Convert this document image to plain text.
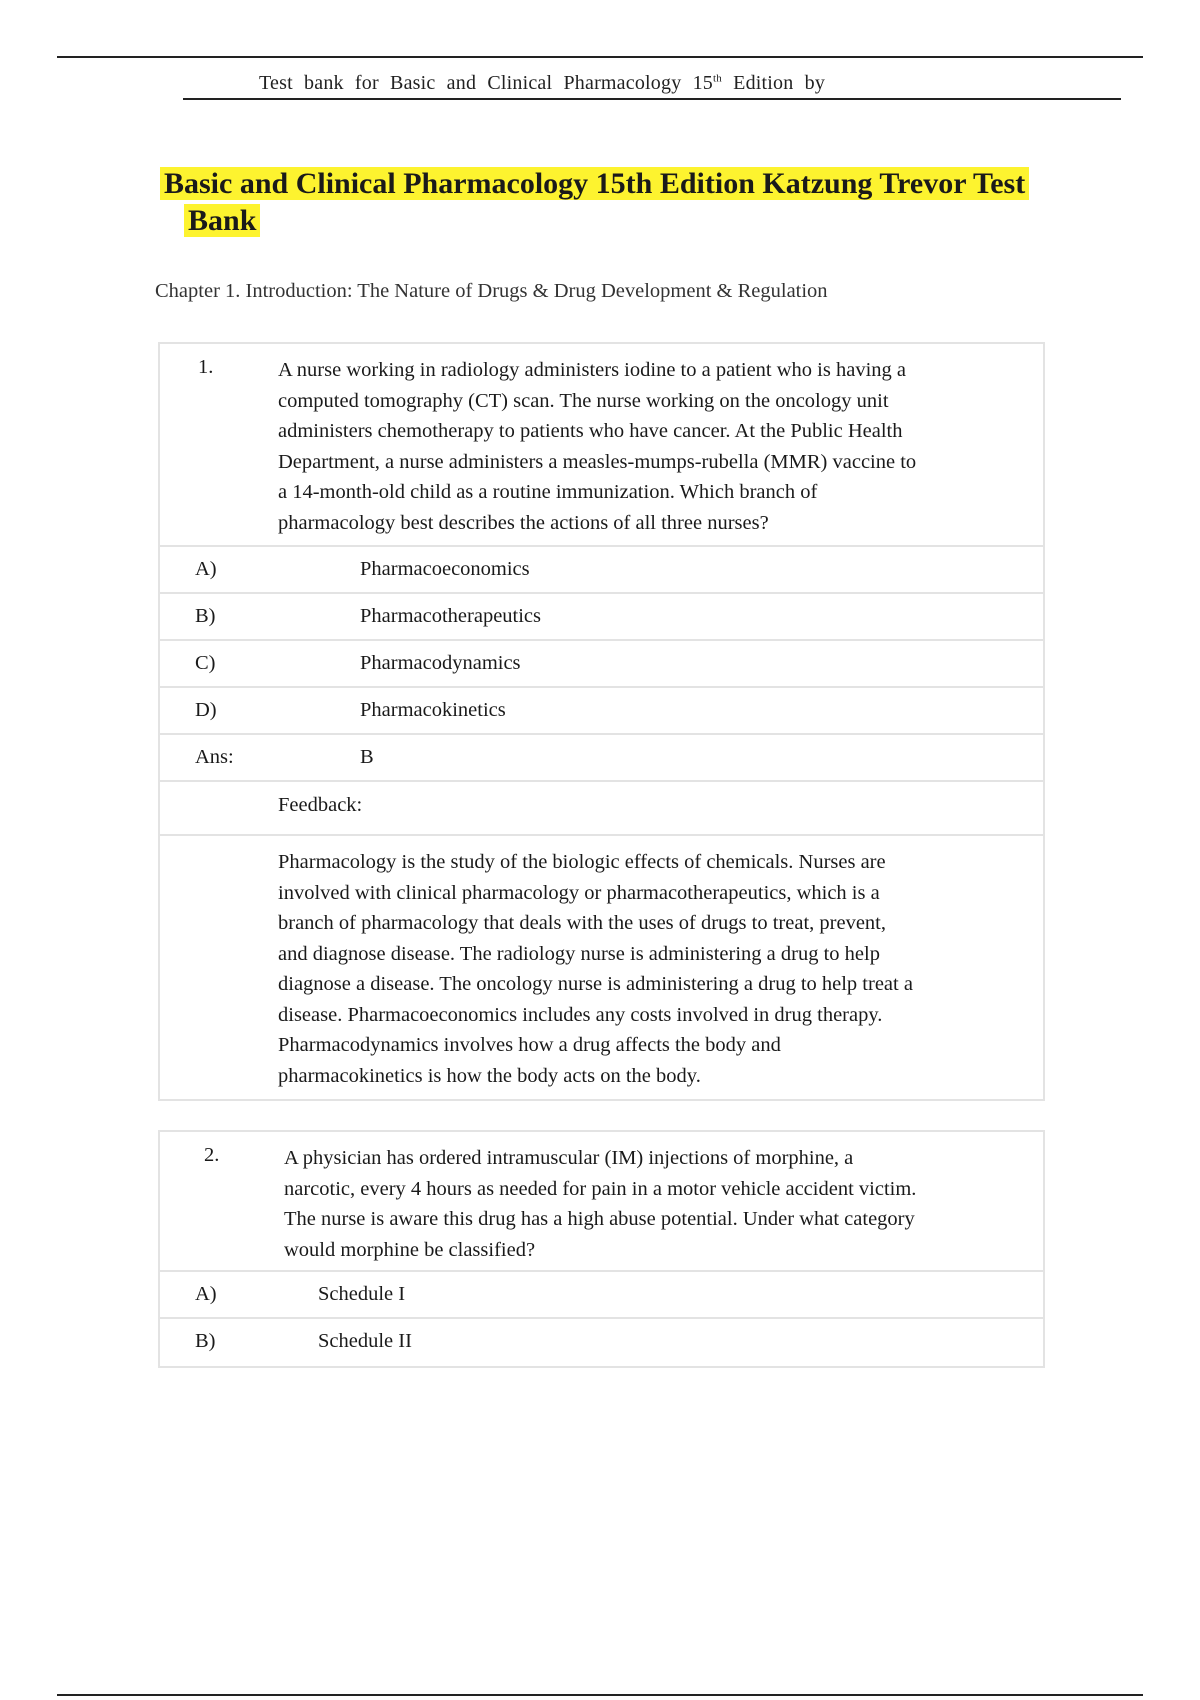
Test bank for Basic and Clinical Pharmacology 15th Edition by
Basic and Clinical Pharmacology 15th Edition Katzung Trevor Test
Bank
Chapter 1. Introduction: The Nature of Drugs & Drug Development & Regulation
1.	A nurse working in radiology administers iodine to a patient who is having a
computed tomography (CT) scan. The nurse working on the oncology unit
administers chemotherapy to patients who have cancer. At the Public Health
Department, a nurse administers a measles-mumps-rubella (MMR) vaccine to
a 14-month-old child as a routine immunization. Which branch of
pharmacology best describes the actions of all three nurses?
A)	Pharmacoeconomics
B)	Pharmacotherapeutics
C)	Pharmacodynamics
D)	Pharmacokinetics
Ans:	B
Feedback:
Pharmacology is the study of the biologic effects of chemicals. Nurses are
involved with clinical pharmacology or pharmacotherapeutics, which is a
branch of pharmacology that deals with the uses of drugs to treat, prevent,
and diagnose disease. The radiology nurse is administering a drug to help
diagnose a disease. The oncology nurse is administering a drug to help treat a
disease. Pharmacoeconomics includes any costs involved in drug therapy.
Pharmacodynamics involves how a drug affects the body and
pharmacokinetics is how the body acts on the body.
2.	A physician has ordered intramuscular (IM) injections of morphine, a
narcotic, every 4 hours as needed for pain in a motor vehicle accident victim.
The nurse is aware this drug has a high abuse potential. Under what category
would morphine be classified?
A)	Schedule I
B)	Schedule II
